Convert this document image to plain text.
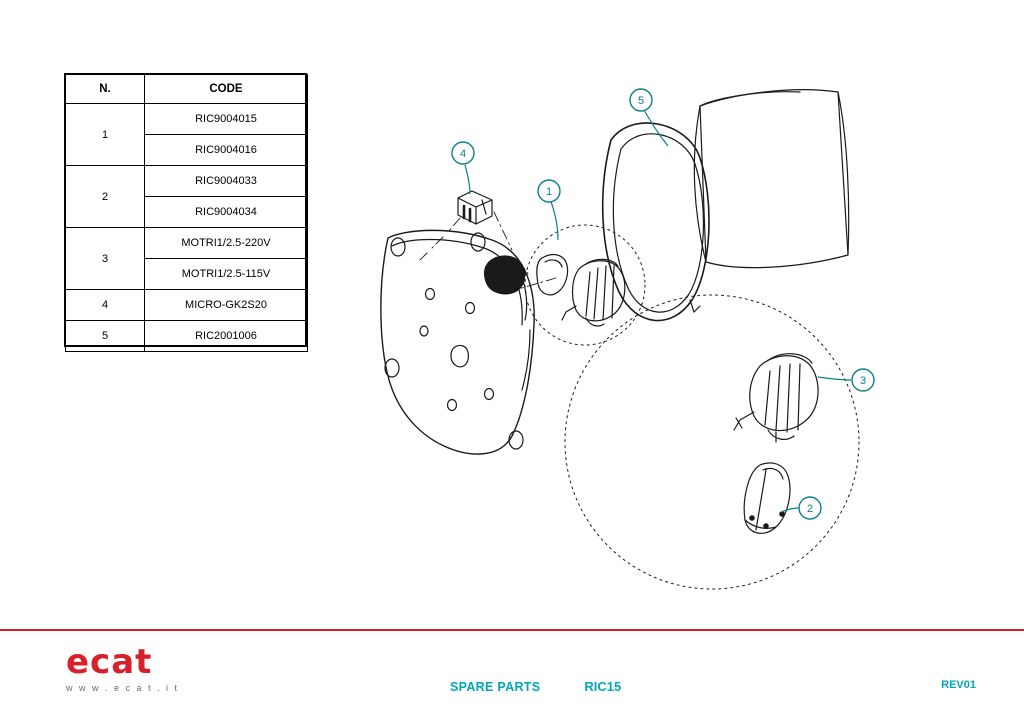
N.	CODE
1	RIC9004015
	RIC9004016
2	RIC9004033
	RIC9004034
3	MOTRI1/2.5-220V
	MOTRI1/2.5-115V
4	MICRO-GK2S20
5	RIC2001006
1
2
3
4
5
ecat
w w w . e c a t . i t	SPARE PARTS	RIC15	REV01
